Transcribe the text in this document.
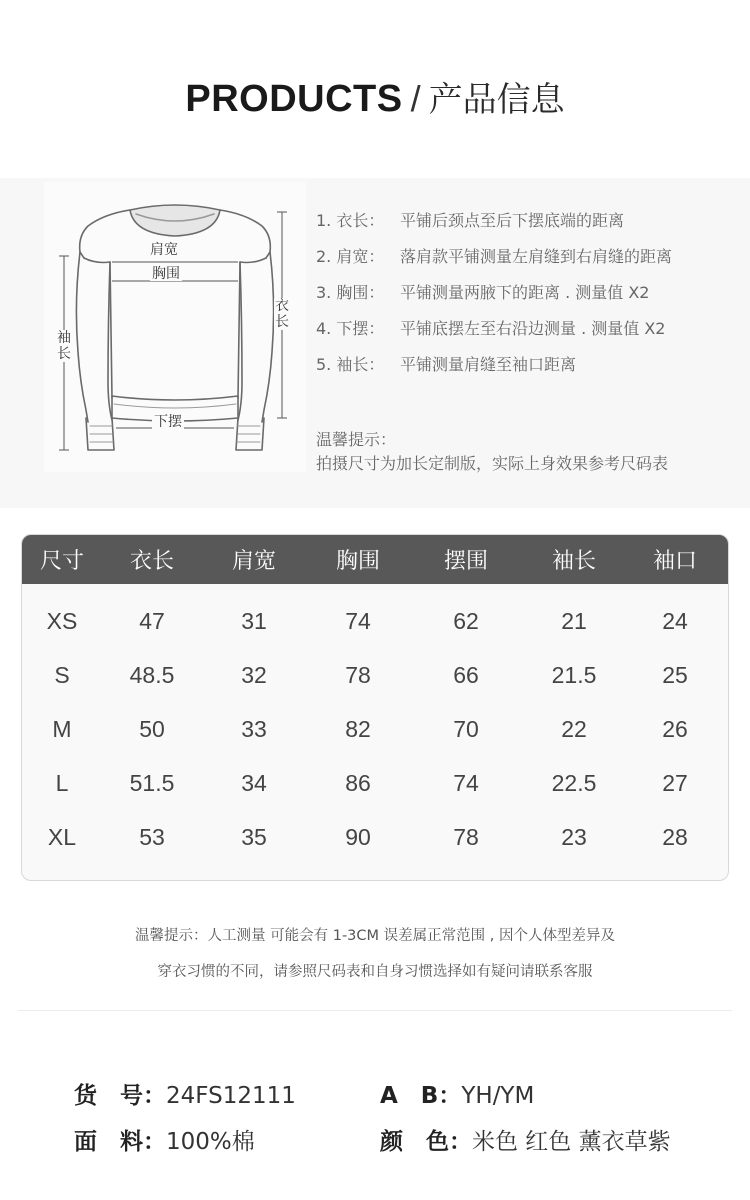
PRODUCTS / 产品信息
肩宽
胸围
下摆
衣长
袖长
1. 衣长： 平铺后颈点至后下摆底端的距离
2. 肩宽： 落肩款平铺测量左肩缝到右肩缝的距离
3. 胸围： 平铺测量两腋下的距离 . 测量值 X2
4. 下摆： 平铺底摆左至右沿边测量 . 测量值 X2
5. 袖长： 平铺测量肩缝至袖口距离
温馨提示：
拍摄尺寸为加长定制版，实际上身效果参考尺码表
尺寸	衣长	肩宽	胸围	摆围	袖长	袖口
XS	47	31	74	62	21	24
S	48.5	32	78	66	21.5	25
M	50	33	82	70	22	26
L	51.5	34	86	74	22.5	27
XL	53	35	90	78	23	28
温馨提示：人工测量 可能会有 1-3CM 误差属正常范围 , 因个人体型差异及
穿衣习惯的不同，请参照尺码表和自身习惯选择如有疑问请联系客服
货　号：24FS12111	A　B：YH/YM
面　料：100%棉	颜　色：米色 红色 薰衣草紫
